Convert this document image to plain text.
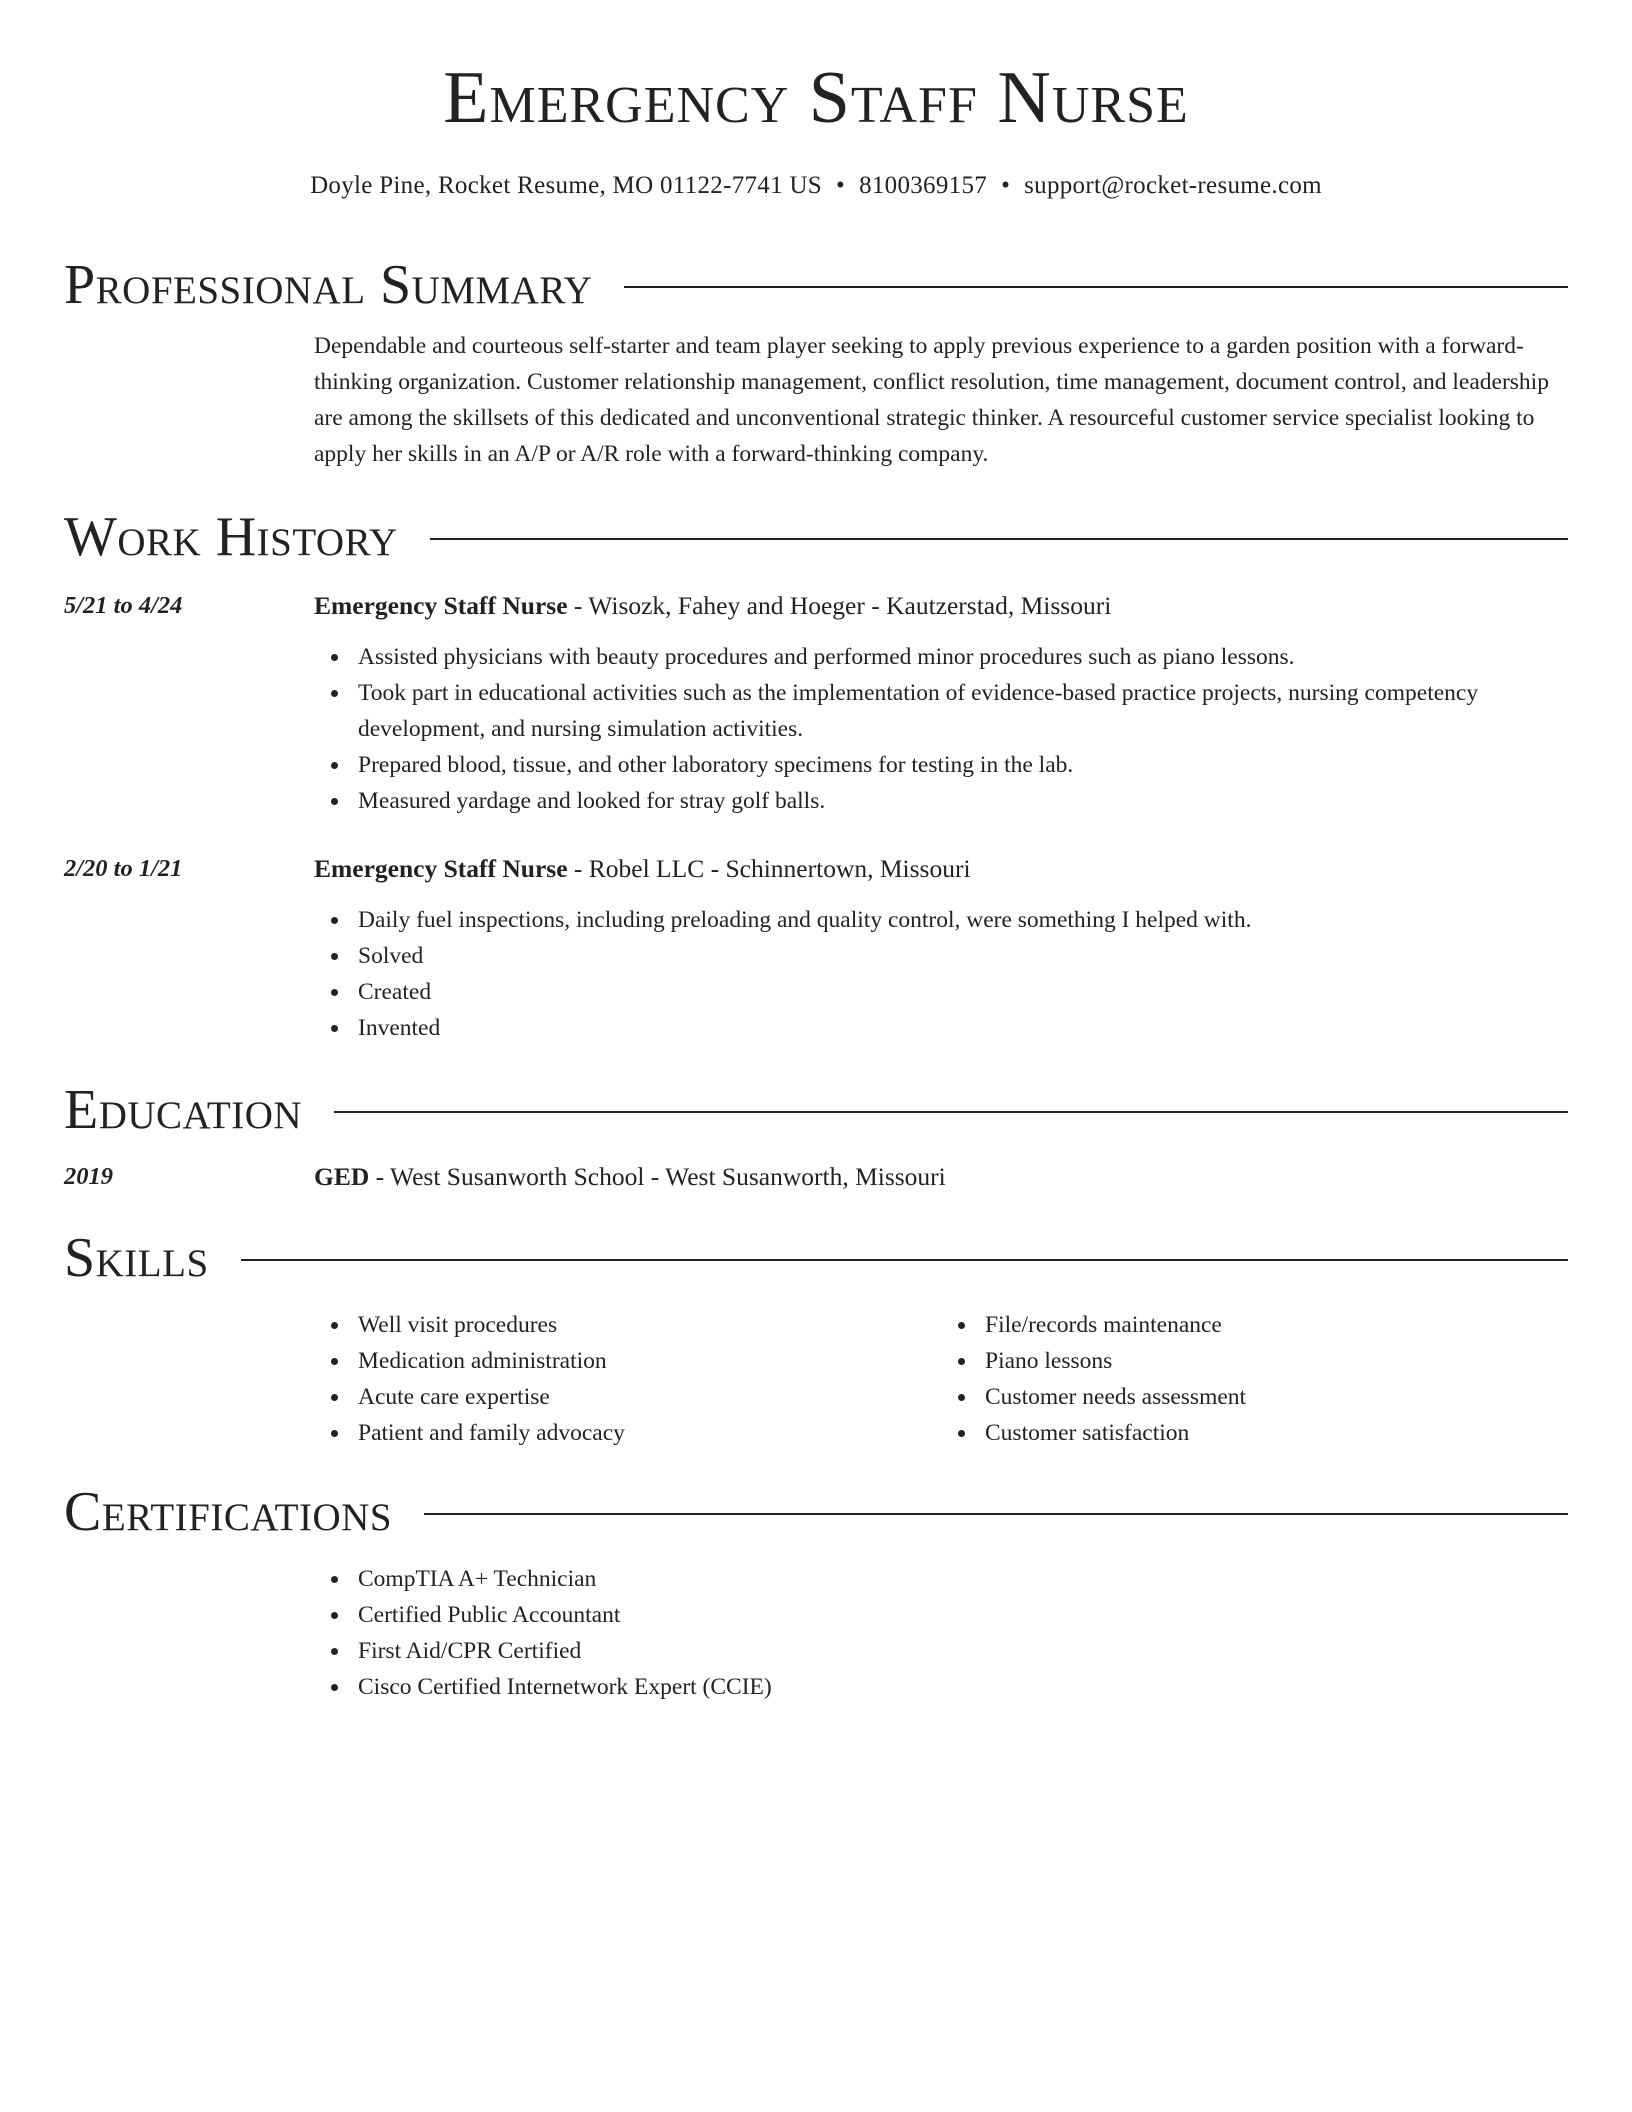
Emergency Staff Nurse
Doyle Pine, Rocket Resume, MO 01122-7741 US • 8100369157 • support@rocket-resume.com
Professional Summary

Dependable and courteous self-starter and team player seeking to apply previous experience to a garden position with a forward-thinking organization. Customer relationship management, conflict resolution, time management, document control, and leadership are among the skillsets of this dedicated and unconventional strategic thinker. A resourceful customer service specialist looking to apply her skills in an A/P or A/R role with a forward-thinking company.

Work History
5/21 to 4/24	Emergency Staff Nurse - Wisozk, Fahey and Hoeger - Kautzerstad, Missouri
Assisted physicians with beauty procedures and performed minor procedures such as piano lessons.
Took part in educational activities such as the implementation of evidence-based practice projects, nursing competency development, and nursing simulation activities.
Prepared blood, tissue, and other laboratory specimens for testing in the lab.
Measured yardage and looked for stray golf balls.
2/20 to 1/21	Emergency Staff Nurse - Robel LLC - Schinnertown, Missouri
Daily fuel inspections, including preloading and quality control, were something I helped with.
Solved
Created
Invented
Education
2019	GED - West Susanworth School - West Susanworth, Missouri
Skills
Well visit procedures
Medication administration
Acute care expertise
Patient and family advocacy
File/records maintenance
Piano lessons
Customer needs assessment
Customer satisfaction
Certifications
CompTIA A+ Technician
Certified Public Accountant
First Aid/CPR Certified
Cisco Certified Internetwork Expert (CCIE)
